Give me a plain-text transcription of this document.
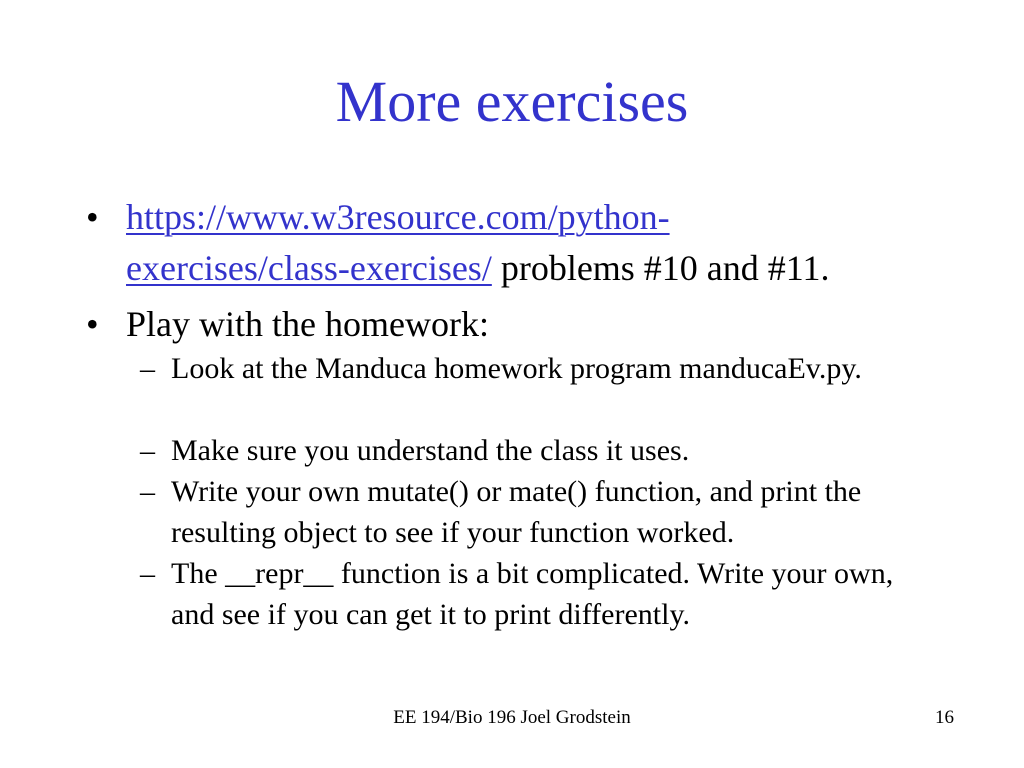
More exercises
• https://www.w3resource.com/python-
exercises/class-exercises/ problems #10 and #11.
• Play with the homework:
– Look at the Manduca homework program manducaEv.py.
– Make sure you understand the class it uses.
– Write your own mutate() or mate() function, and print the resulting object to see if your function worked.
– The __repr__ function is a bit complicated. Write your own, and see if you can get it to print differently.
EE 194/Bio 196 Joel Grodstein	16
